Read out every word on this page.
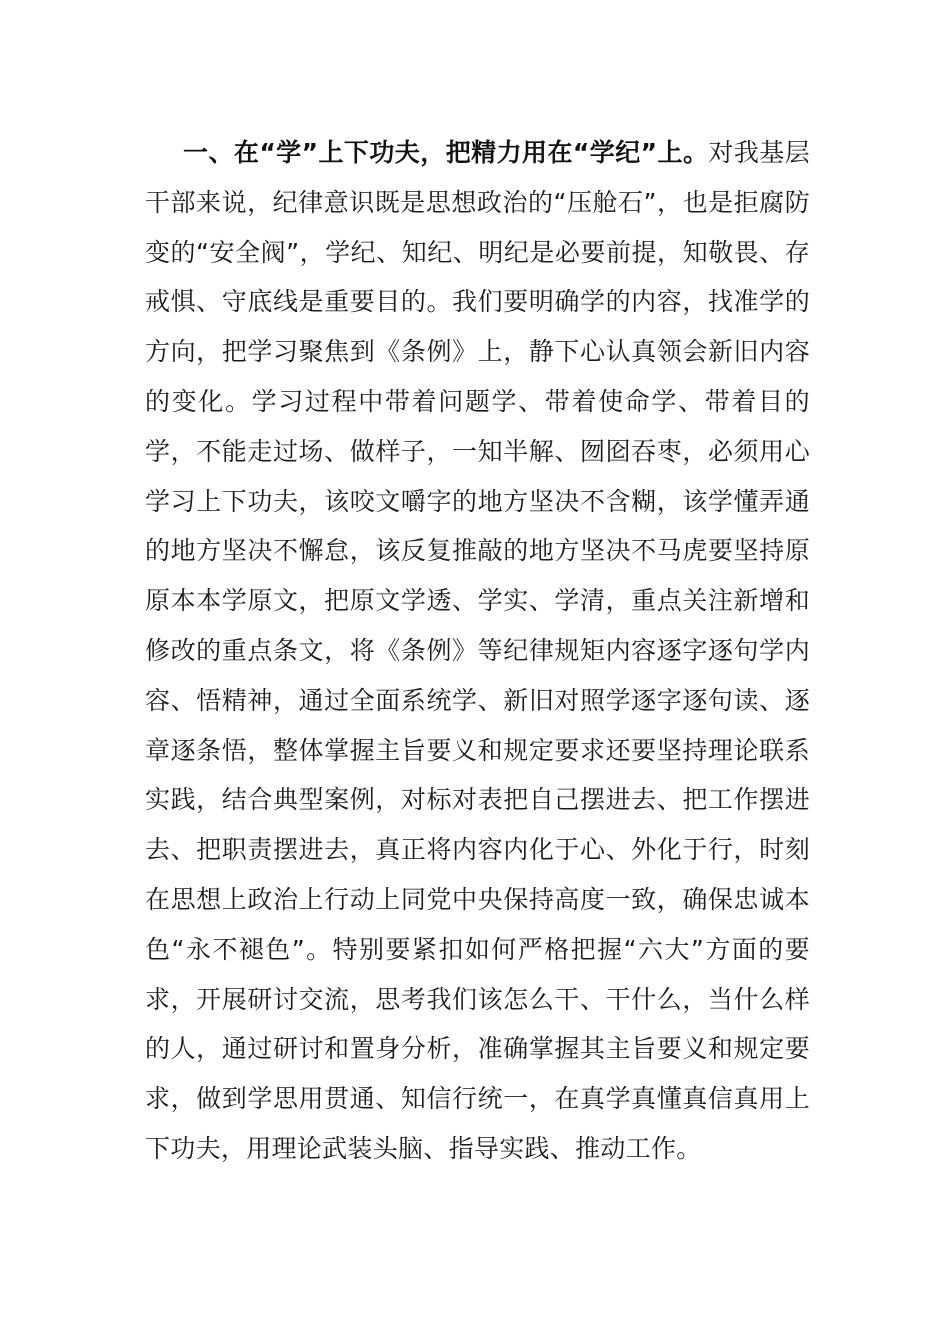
一、在“学”上下功夫，把精力用在“学纪”上。对我基层干部来说，纪律意识既是思想政治的“压舱石”，也是拒腐防变的“安全阀”，学纪、知纪、明纪是必要前提，知敬畏、存戒惧、守底线是重要目的。我们要明确学的内容，找准学的方向，把学习聚焦到《条例》上，静下心认真领会新旧内容的变化。学习过程中带着问题学、带着使命学、带着目的学，不能走过场、做样子，一知半解、囫囵吞枣，必须用心学习上下功夫，该咬文嚼字的地方坚决不含糊，该学懂弄通的地方坚决不懈怠，该反复推敲的地方坚决不马虎要坚持原原本本学原文，把原文学透、学实、学清，重点关注新增和修改的重点条文，将《条例》等纪律规矩内容逐字逐句学内容、悟精神，通过全面系统学、新旧对照学逐字逐句读、逐章逐条悟，整体掌握主旨要义和规定要求还要坚持理论联系实践，结合典型案例，对标对表把自己摆进去、把工作摆进去、把职责摆进去，真正将内容内化于心、外化于行，时刻在思想上政治上行动上同党中央保持高度一致，确保忠诚本色“永不褪色”。特别要紧扣如何严格把握“六大”方面的要求，开展研讨交流，思考我们该怎么干、干什么，当什么样的人，通过研讨和置身分析，准确掌握其主旨要义和规定要求，做到学思用贯通、知信行统一，在真学真懂真信真用上下功夫，用理论武装头脑、指导实践、推动工作。
